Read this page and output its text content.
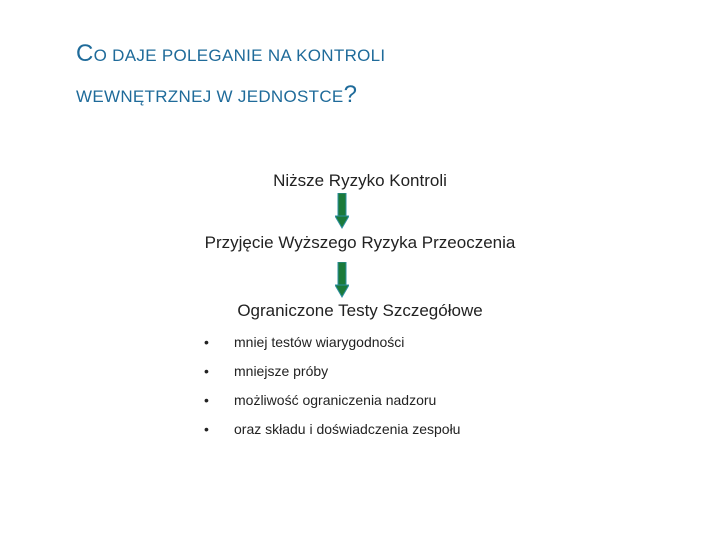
CO DAJE POLEGANIE NA KONTROLI
WEWNĘTRZNEJ W JEDNOSTCE?
Niższe Ryzyko Kontroli
Przyjęcie Wyższego Ryzyka Przeoczenia
Ograniczone Testy Szczegółowe
•	mniej testów wiarygodności
•	mniejsze próby
•	możliwość ograniczenia nadzoru
•	oraz składu i doświadczenia zespołu
